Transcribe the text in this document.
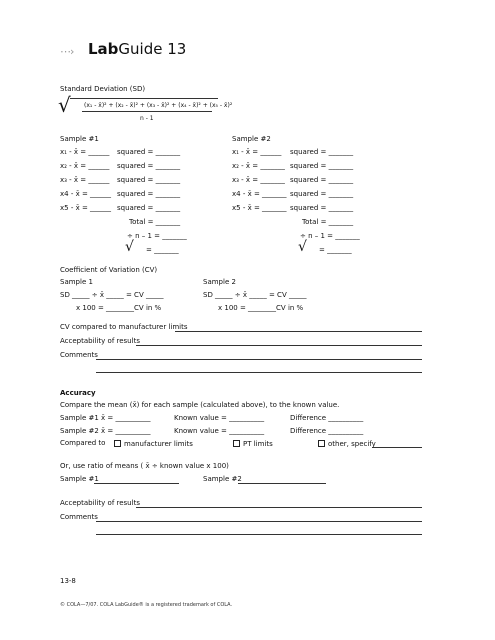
⋯› LabGuide 13
Standard Deviation (SD)
√ (x₁ - x̄)² + (x₂ - x̄)² + (x₃ - x̄)² + (x₄ - x̄)² + (x₅ - x̄)²
n - 1
Sample #1	Sample #2
x₁ - x̄ = ______ squared = _______
x₂ - x̄ = ______ squared = _______
x₃ - x̄ = ______ squared = _______
x4 - x̄ = ______ squared = _______
x5 - x̄ = ______ squared = _______
Total = _______
÷ n – 1 = _______
√ = _______
x₁ - x̄ = ______ squared = _______
x₂ - x̄ = _______ squared = _______
x₃ - x̄ = _______ squared = _______
x4 - x̄ = _______ squared = _______
x5 - x̄ = _______ squared = _______
Total = _______
÷ n – 1 = _______
√ = _______
Coefficient of Variation (CV)
Sample 1	Sample 2
SD _____ ÷ x̄ _____ = CV _____	SD _____ ÷ x̄ _____ = CV _____
x 100 = ________CV in %	x 100 = ________CV in %
CV compared to manufacturer limits
Acceptability of results
Comments
Accuracy
Compare the mean (x̄) for each sample (calculated above), to the known value.
Sample #1 x̄ = __________	Known value = __________	Difference __________
Sample #2 x̄ = __________	Known value = __________	Difference __________
Compared to	manufacturer limits	PT limits	other, specify
Or, use ratio of means ( x̄ ÷ known value x 100)
Sample #1	Sample #2
Acceptability of results
Comments
13-8
© COLA—7/07. COLA LabGuide® is a registered trademark of COLA.
